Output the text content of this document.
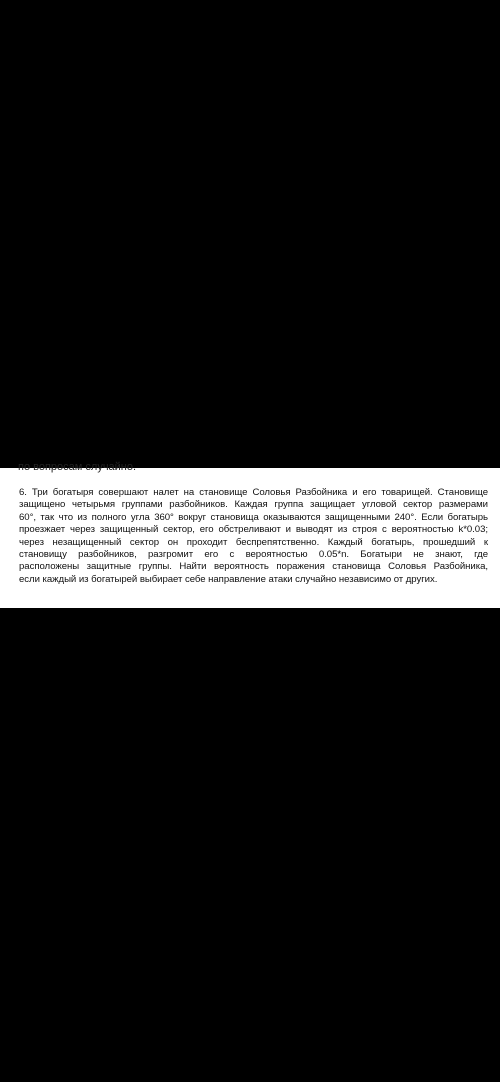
по вопросам случайно.
6. Три богатыря совершают налет на становище Соловья Разбойника и его товарищей. Становище
защищено четырьмя группами разбойников. Каждая группа защищает угловой сектор размерами
60°, так что из полного угла 360° вокруг становища оказываются защищенными 240°. Если богатырь
проезжает через защищенный сектор, его обстреливают и выводят из строя с вероятностью k*0.03;
через незащищенный сектор он проходит беспрепятственно. Каждый богатырь, прошедший к
становищу разбойников, разгромит его с вероятностью 0.05*n. Богатыри не знают, где
расположены защитные группы. Найти вероятность поражения становища Соловья Разбойника,
если каждый из богатырей выбирает себе направление атаки случайно независимо от других.
